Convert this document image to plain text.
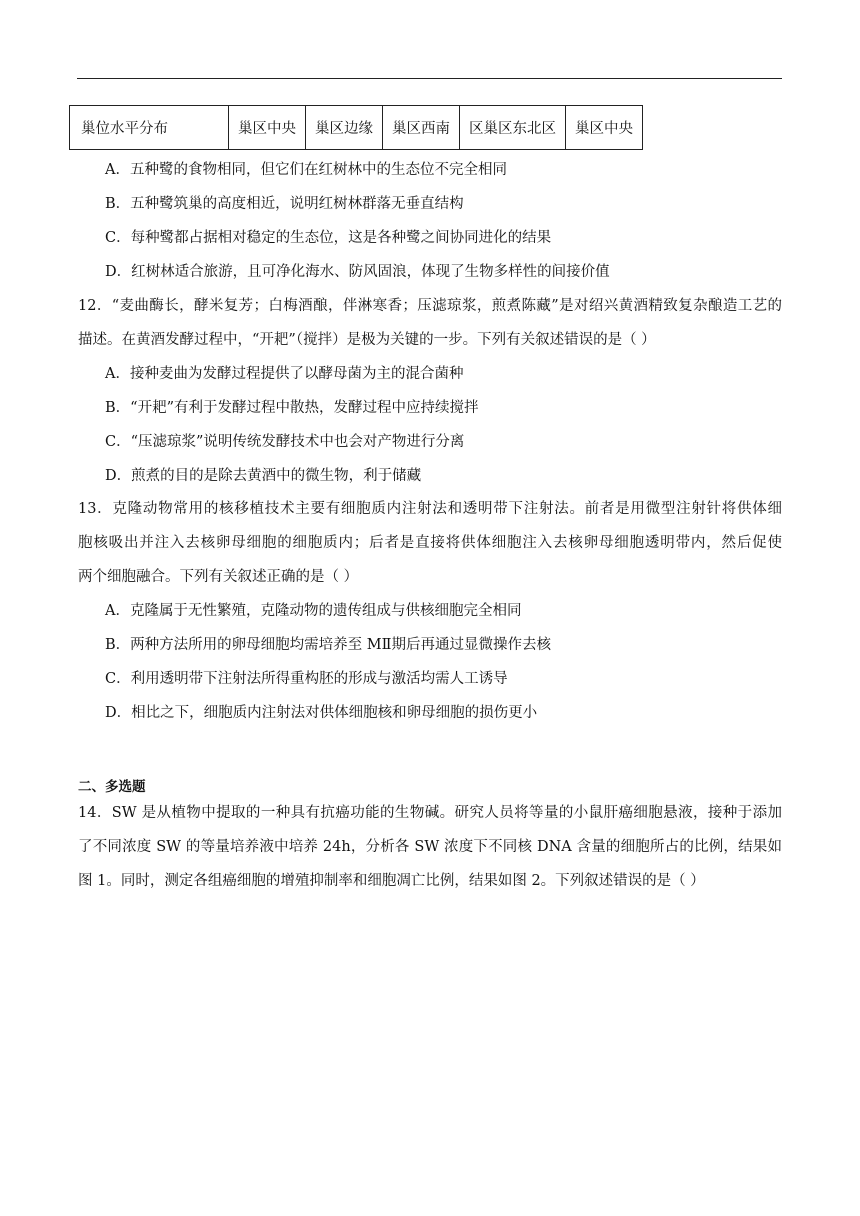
巢位水平分布	巢区中央	巢区边缘	巢区西南	区巢区东北区	巢区中央
A．五种鹭的食物相同，但它们在红树林中的生态位不完全相同
B．五种鹭筑巢的高度相近，说明红树林群落无垂直结构
C．每种鹭都占据相对稳定的生态位，这是各种鹭之间协同进化的结果
D．红树林适合旅游，且可净化海水、防风固浪，体现了生物多样性的间接价值
12．“麦曲酶长，酵米复芳；白梅酒酿，伴淋寒香；压滤琼浆，煎煮陈藏”是对绍兴黄酒精致复杂酿造工艺的
描述。在黄酒发酵过程中，“开耙”（搅拌）是极为关键的一步。下列有关叙述错误的是（ ）
A．接种麦曲为发酵过程提供了以酵母菌为主的混合菌种
B．“开耙”有利于发酵过程中散热，发酵过程中应持续搅拌
C．“压滤琼浆”说明传统发酵技术中也会对产物进行分离
D．煎煮的目的是除去黄酒中的微生物，利于储藏
13．克隆动物常用的核移植技术主要有细胞质内注射法和透明带下注射法。前者是用微型注射针将供体细
胞核吸出并注入去核卵母细胞的细胞质内；后者是直接将供体细胞注入去核卵母细胞透明带内，然后促使
两个细胞融合。下列有关叙述正确的是（ ）
A．克隆属于无性繁殖，克隆动物的遗传组成与供核细胞完全相同
B．两种方法所用的卵母细胞均需培养至 MⅡ期后再通过显微操作去核
C．利用透明带下注射法所得重构胚的形成与激活均需人工诱导
D．相比之下，细胞质内注射法对供体细胞核和卵母细胞的损伤更小
二、多选题
14．SW 是从植物中提取的一种具有抗癌功能的生物碱。研究人员将等量的小鼠肝癌细胞悬液，接种于添加
了不同浓度 SW 的等量培养液中培养 24h，分析各 SW 浓度下不同核 DNA 含量的细胞所占的比例，结果如
图 1。同时，测定各组癌细胞的增殖抑制率和细胞凋亡比例，结果如图 2。下列叙述错误的是（ ）
